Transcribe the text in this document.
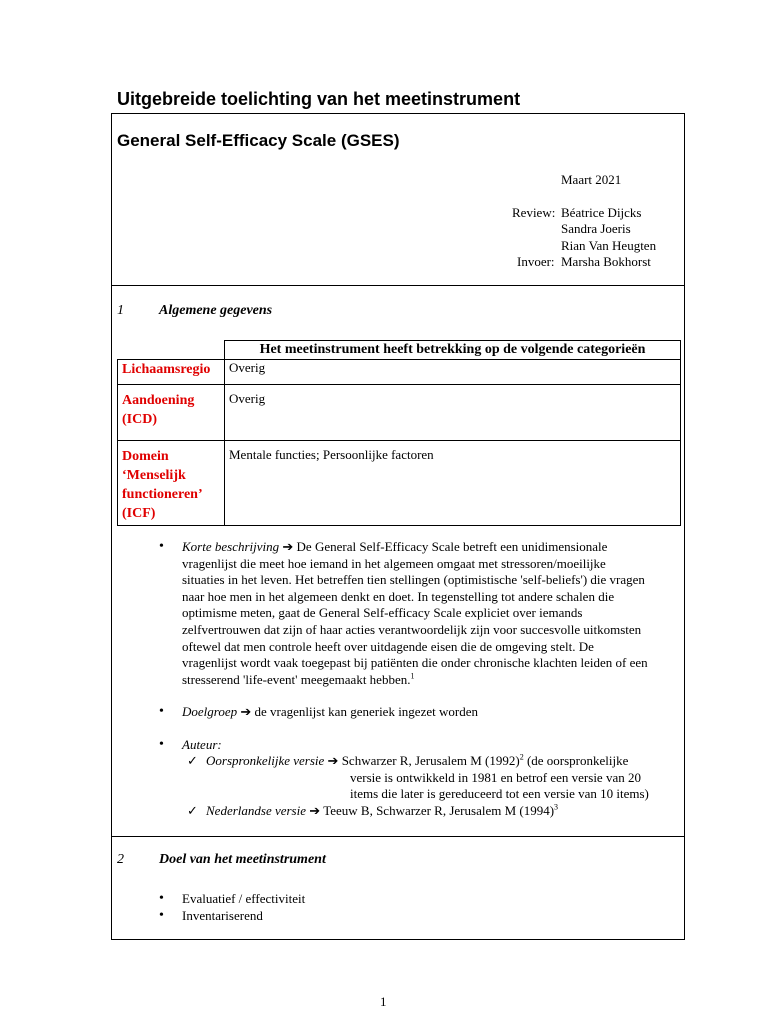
Uitgebreide toelichting van het meetinstrument
General Self-Efficacy Scale (GSES)
Maart 2021
Review: Béatrice Dijcks
Sandra Joeris
Rian Van Heugten
Invoer: Marsha Bokhorst
1	Algemene gegevens
	Het meetinstrument heeft betrekking op de volgende categorieën
Lichaamsregio	Overig
Aandoening (ICD)	Overig
Domein ‘Menselijk functioneren’ (ICF)	Mentale functies; Persoonlijke factoren
• Korte beschrijving ➔ De General Self-Efficacy Scale betreft een unidimensionale
vragenlijst die meet hoe iemand in het algemeen omgaat met stressoren/moeilijke
situaties in het leven. Het betreffen tien stellingen (optimistische 'self-beliefs') die vragen
naar hoe men in het algemeen denkt en doet. In tegenstelling tot andere schalen die
optimisme meten, gaat de General Self-efficacy Scale expliciet over iemands
zelfvertrouwen dat zijn of haar acties verantwoordelijk zijn voor succesvolle uitkomsten
oftewel dat men controle heeft over uitdagende eisen die de omgeving stelt. De
vragenlijst wordt vaak toegepast bij patiënten die onder chronische klachten leiden of een
stresserend 'life-event' meegemaakt hebben.$^1$
• Doelgroep ➔ de vragenlijst kan generiek ingezet worden
• Auteur:
✓ Oorspronkelijke versie ➔ Schwarzer R, Jerusalem M $(1992)^2$ (de oorspronkelijke
versie is ontwikkeld in 1981 en betrof een versie van 20
items die later is gereduceerd tot een versie van 10 items)
✓ Nederlandse versie ➔ Teeuw B, Schwarzer R, Jerusalem M $(1994)^3$
2	Doel van het meetinstrument
• Evaluatief / effectiviteit
• Inventariserend
1
